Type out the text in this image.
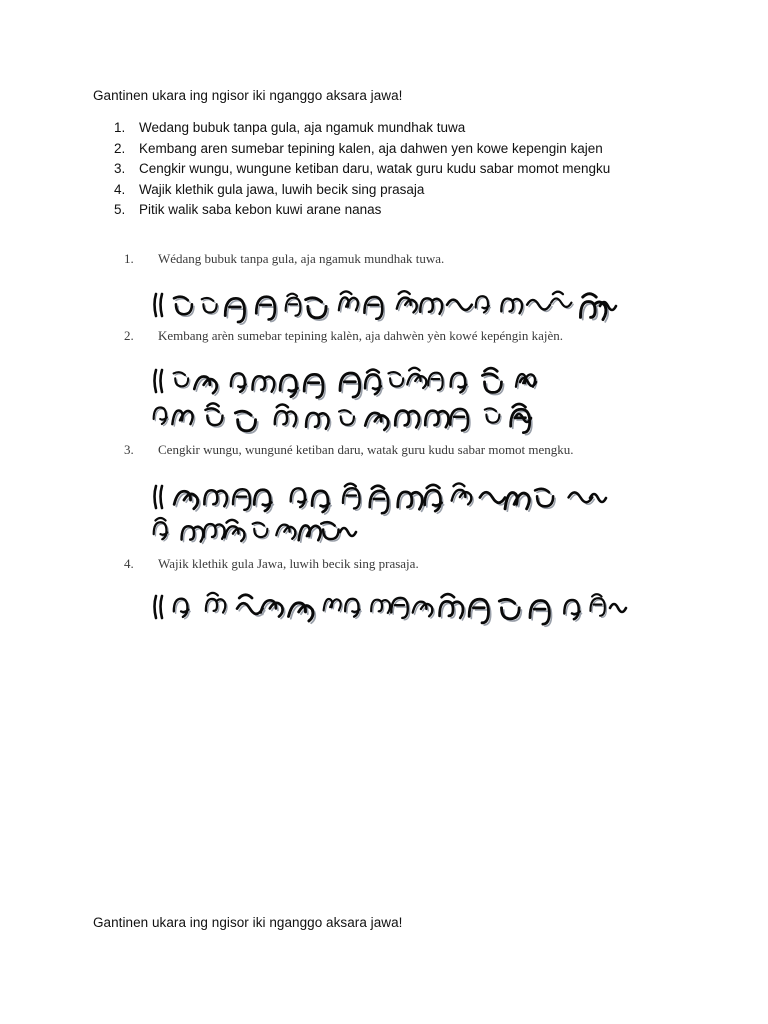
Gantinen ukara ing ngisor iki nganggo aksara jawa!
1.	Wedang bubuk tanpa gula, aja ngamuk mundhak tuwa
2.	Kembang aren sumebar tepining kalen, aja dahwen yen kowe kepengin kajen
3.	Cengkir wungu, wungune ketiban daru, watak guru kudu sabar momot mengku
4.	Wajik klethik gula jawa, luwih becik sing prasaja
5.	Pitik walik saba kebon kuwi arane nanas
1. Wédang bubuk tanpa gula, aja ngamuk mundhak tuwa.
2. Kembang arèn sumebar tepining kalèn, aja dahwèn yèn kowé kepéngin kajèn.
3. Cengkir wungu, wunguné ketiban daru, watak guru kudu sabar momot mengku.
4. Wajik klethik gula Jawa, luwih becik sing prasaja.
Gantinen ukara ing ngisor iki nganggo aksara jawa!
